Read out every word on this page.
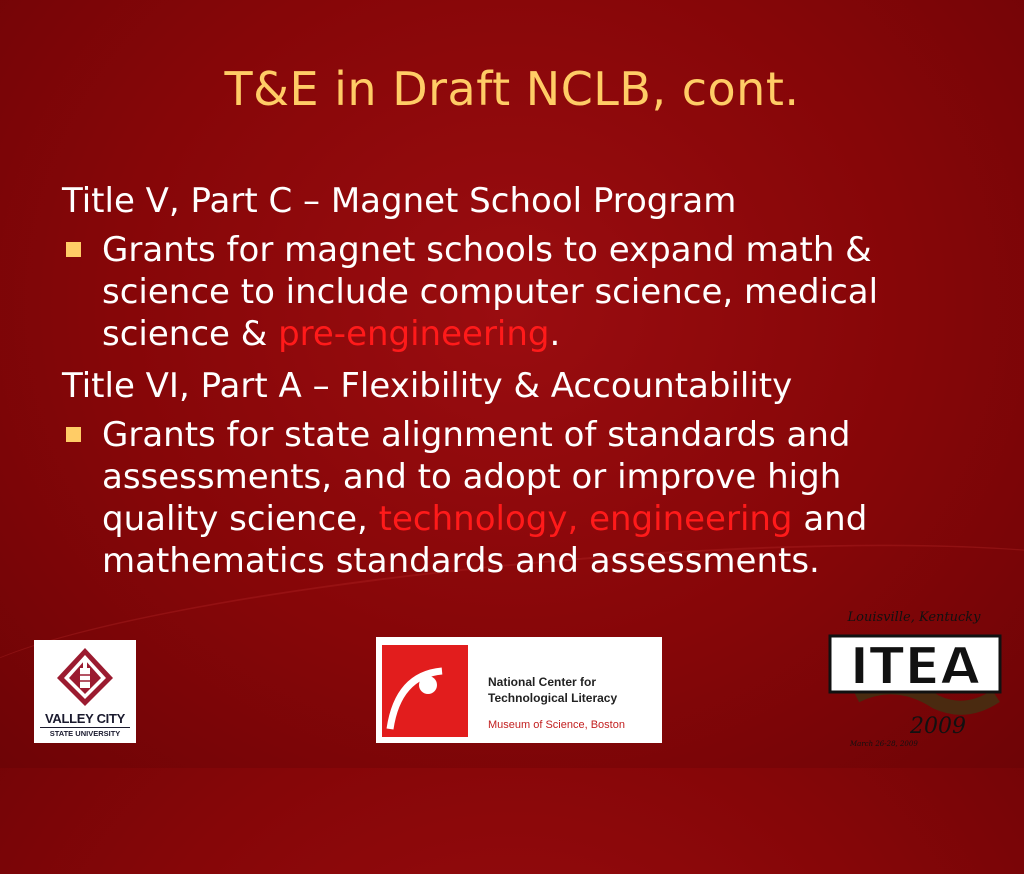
T&E in Draft NCLB, cont.
Title V, Part C – Magnet School Program
Grants for magnet schools to expand math & science to include computer science, medical science & pre-engineering.
Title VI, Part A – Flexibility & Accountability
Grants for state alignment of standards and assessments, and to adopt or improve high quality science, technology, engineering and mathematics standards and assessments.
VALLEY CITY
STATE UNIVERSITY
National Center for
Technological Literacy
Museum of Science, Boston
Louisville, Kentucky
ITEA
2009
March 26-28, 2009
